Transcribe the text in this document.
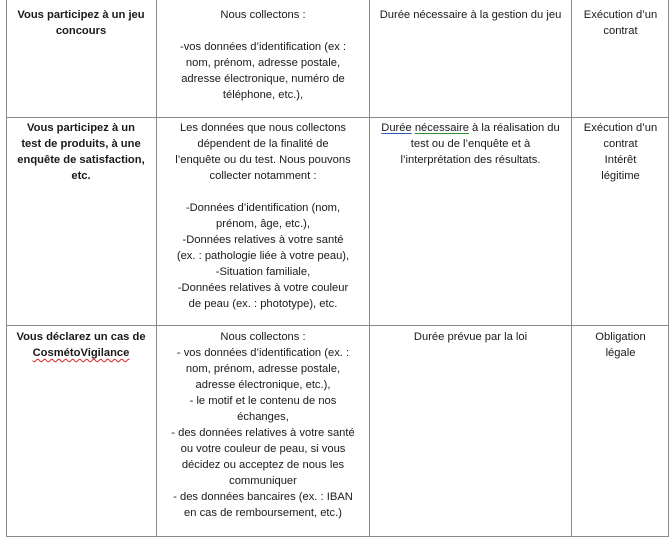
Vous participez à un jeu
concours
Nous collectons :
-vos données d’identification (ex :
nom, prénom, adresse postale,
adresse électronique, numéro de
téléphone, etc.),
Durée nécessaire à la gestion du jeu	Exécution d’un
contrat
Vous participez à un
test de produits, à une
enquête de satisfaction,
etc.
Les données que nous collectons
dépendent de la finalité de
l’enquête ou du test. Nous pouvons
collecter notamment :
-Données d’identification (nom,
prénom, âge, etc.),
-Données relatives à votre santé
(ex. : pathologie liée à votre peau),
-Situation familiale,
-Données relatives à votre couleur
de peau (ex. : phototype), etc.
Durée nécessaire à la réalisation du
test ou de l’enquête et à
l’interprétation des résultats.
Exécution d’un
contrat
Intérêt
légitime
Vous déclarez un cas de
CosmétoVigilance
Nous collectons :
- vos données d’identification (ex. :
nom, prénom, adresse postale,
adresse électronique, etc.),
- le motif et le contenu de nos
échanges,
- des données relatives à votre santé
ou votre couleur de peau, si vous
décidez ou acceptez de nous les
communiquer
- des données bancaires (ex. : IBAN
en cas de remboursement, etc.)
Durée prévue par la loi	Obligation
légale
